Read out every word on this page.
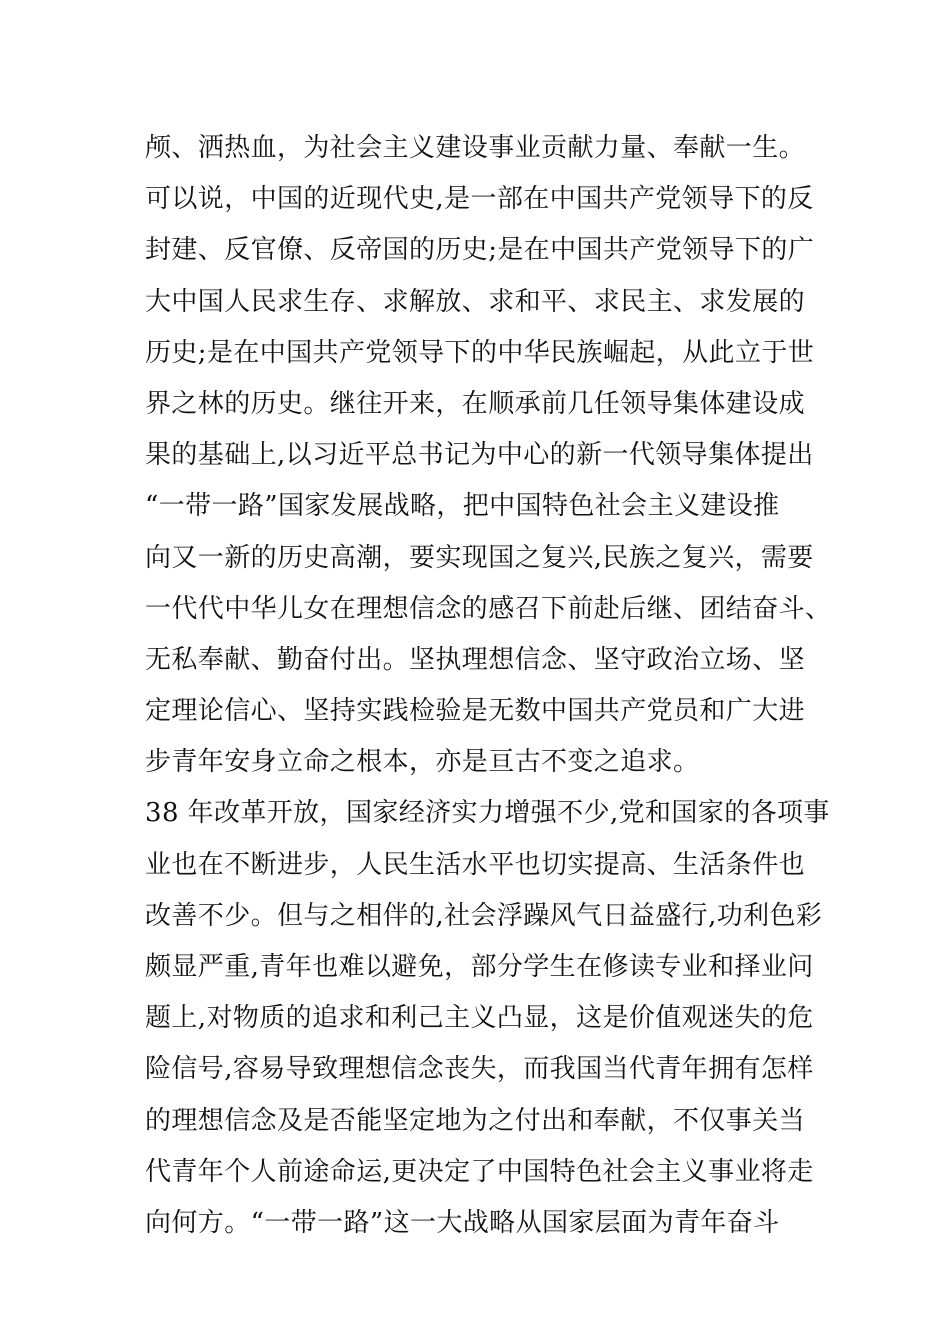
颅、洒热血，为社会主义建设事业贡献力量、奉献一生。
可以说，中国的近现代史,是一部在中国共产党领导下的反
封建、反官僚、反帝国的历史;是在中国共产党领导下的广
大中国人民求生存、求解放、求和平、求民主、求发展的
历史;是在中国共产党领导下的中华民族崛起，从此立于世
界之林的历史。继往开来，在顺承前几任领导集体建设成
果的基础上,以习近平总书记为中心的新一代领导集体提出
“一带一路”国家发展战略，把中国特色社会主义建设推
向又一新的历史高潮，要实现国之复兴,民族之复兴，需要
一代代中华儿女在理想信念的感召下前赴后继、团结奋斗、
无私奉献、勤奋付出。坚执理想信念、坚守政治立场、坚
定理论信心、坚持实践检验是无数中国共产党员和广大进
步青年安身立命之根本，亦是亘古不变之追求。
38 年改革开放，国家经济实力增强不少,党和国家的各项事
业也在不断进步，人民生活水平也切实提高、生活条件也
改善不少。但与之相伴的,社会浮躁风气日益盛行,功利色彩
颇显严重,青年也难以避免，部分学生在修读专业和择业问
题上,对物质的追求和利己主义凸显，这是价值观迷失的危
险信号,容易导致理想信念丧失，而我国当代青年拥有怎样
的理想信念及是否能坚定地为之付出和奉献，不仅事关当
代青年个人前途命运,更决定了中国特色社会主义事业将走
向何方。“一带一路”这一大战略从国家层面为青年奋斗
